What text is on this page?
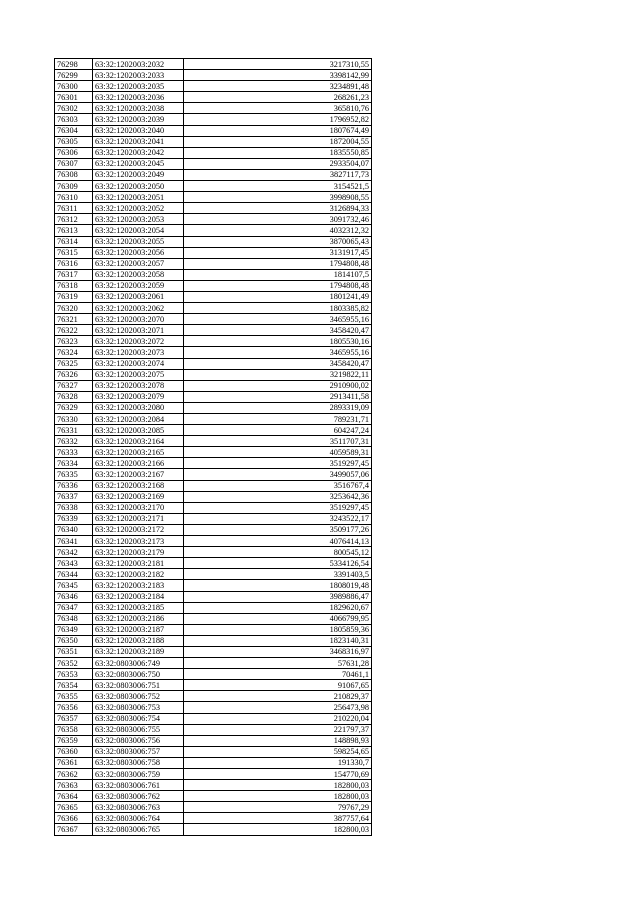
76298	63:32:1202003:2032	3217310,55
76299	63:32:1202003:2033	3398142,99
76300	63:32:1202003:2035	3234891,48
76301	63:32:1202003:2036	268261,23
76302	63:32:1202003:2038	365810,76
76303	63:32:1202003:2039	1796952,82
76304	63:32:1202003:2040	1807674,49
76305	63:32:1202003:2041	1872004,55
76306	63:32:1202003:2042	1835550,85
76307	63:32:1202003:2045	2933504,07
76308	63:32:1202003:2049	3827117,73
76309	63:32:1202003:2050	3154521,5
76310	63:32:1202003:2051	3998908,55
76311	63:32:1202003:2052	3126894,33
76312	63:32:1202003:2053	3091732,46
76313	63:32:1202003:2054	4032312,32
76314	63:32:1202003:2055	3870065,43
76315	63:32:1202003:2056	3131917,45
76316	63:32:1202003:2057	1794808,48
76317	63:32:1202003:2058	1814107,5
76318	63:32:1202003:2059	1794808,48
76319	63:32:1202003:2061	1801241,49
76320	63:32:1202003:2062	1803385,82
76321	63:32:1202003:2070	3465955,16
76322	63:32:1202003:2071	3458420,47
76323	63:32:1202003:2072	1805530,16
76324	63:32:1202003:2073	3465955,16
76325	63:32:1202003:2074	3458420,47
76326	63:32:1202003:2075	3219822,11
76327	63:32:1202003:2078	2910900,02
76328	63:32:1202003:2079	2913411,58
76329	63:32:1202003:2080	2893319,09
76330	63:32:1202003:2084	789231,71
76331	63:32:1202003:2085	604247,24
76332	63:32:1202003:2164	3511707,31
76333	63:32:1202003:2165	4059589,31
76334	63:32:1202003:2166	3519297,45
76335	63:32:1202003:2167	3499057,06
76336	63:32:1202003:2168	3516767,4
76337	63:32:1202003:2169	3253642,36
76338	63:32:1202003:2170	3519297,45
76339	63:32:1202003:2171	3243522,17
76340	63:32:1202003:2172	3509177,26
76341	63:32:1202003:2173	4076414,13
76342	63:32:1202003:2179	800545,12
76343	63:32:1202003:2181	5334126,54
76344	63:32:1202003:2182	3391403,5
76345	63:32:1202003:2183	1808019,48
76346	63:32:1202003:2184	3989886,47
76347	63:32:1202003:2185	1829620,67
76348	63:32:1202003:2186	4066799,95
76349	63:32:1202003:2187	1805859,36
76350	63:32:1202003:2188	1823140,31
76351	63:32:1202003:2189	3468316,97
76352	63:32:0803006:749	57631,28
76353	63:32:0803006:750	70461,1
76354	63:32:0803006:751	91067,65
76355	63:32:0803006:752	210829,37
76356	63:32:0803006:753	256473,98
76357	63:32:0803006:754	210220,04
76358	63:32:0803006:755	221797,37
76359	63:32:0803006:756	148898,93
76360	63:32:0803006:757	598254,65
76361	63:32:0803006:758	191330,7
76362	63:32:0803006:759	154770,69
76363	63:32:0803006:761	182800,03
76364	63:32:0803006:762	182800,03
76365	63:32:0803006:763	79767,29
76366	63:32:0803006:764	387757,64
76367	63:32:0803006:765	182800,03
